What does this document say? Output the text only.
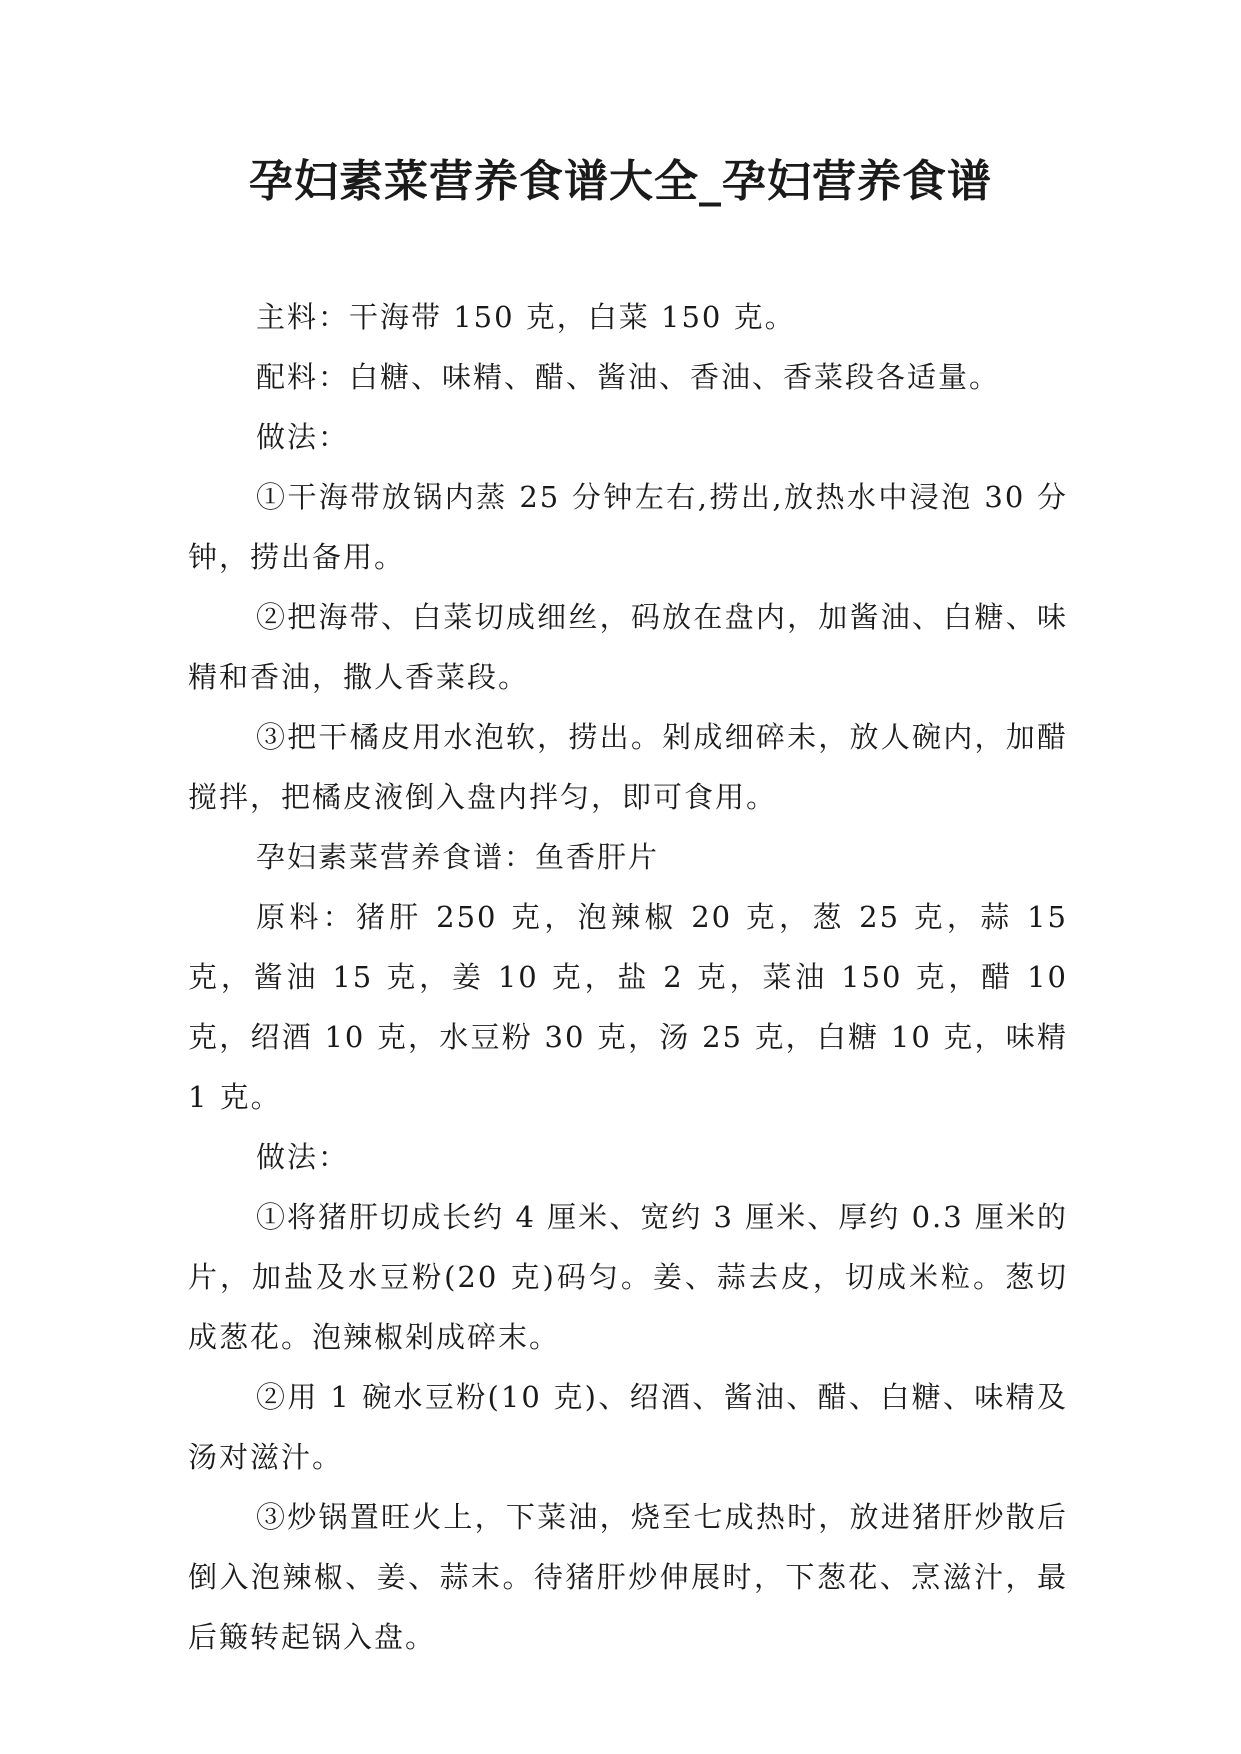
孕妇素菜营养食谱大全_孕妇营养食谱

主料：干海带 150 克，白菜 150 克。

配料：白糖、味精、醋、酱油、香油、香菜段各适量。

做法：

①干海带放锅内蒸 25 分钟左右,捞出,放热水中浸泡 30 分钟，捞出备用。

②把海带、白菜切成细丝，码放在盘内，加酱油、白糖、味精和香油，撒人香菜段。

③把干橘皮用水泡软，捞出。剁成细碎未，放人碗内，加醋搅拌，把橘皮液倒入盘内拌匀，即可食用。

孕妇素菜营养食谱：鱼香肝片

原料：猪肝 250 克，泡辣椒 20 克，葱 25 克，蒜 15 克，酱油 15 克，姜 10 克，盐 2 克，菜油 150 克，醋 10 克，绍酒 10 克，水豆粉 30 克，汤 25 克，白糖 10 克，味精 1 克。

做法：

①将猪肝切成长约 4 厘米、宽约 3 厘米、厚约 0.3 厘米的片，加盐及水豆粉(20 克)码匀。姜、蒜去皮，切成米粒。葱切成葱花。泡辣椒剁成碎末。

②用 1 碗水豆粉(10 克)、绍酒、酱油、醋、白糖、味精及汤对滋汁。

③炒锅置旺火上，下菜油，烧至七成热时，放进猪肝炒散后倒入泡辣椒、姜、蒜末。待猪肝炒伸展时，下葱花、烹滋汁，最后簸转起锅入盘。
